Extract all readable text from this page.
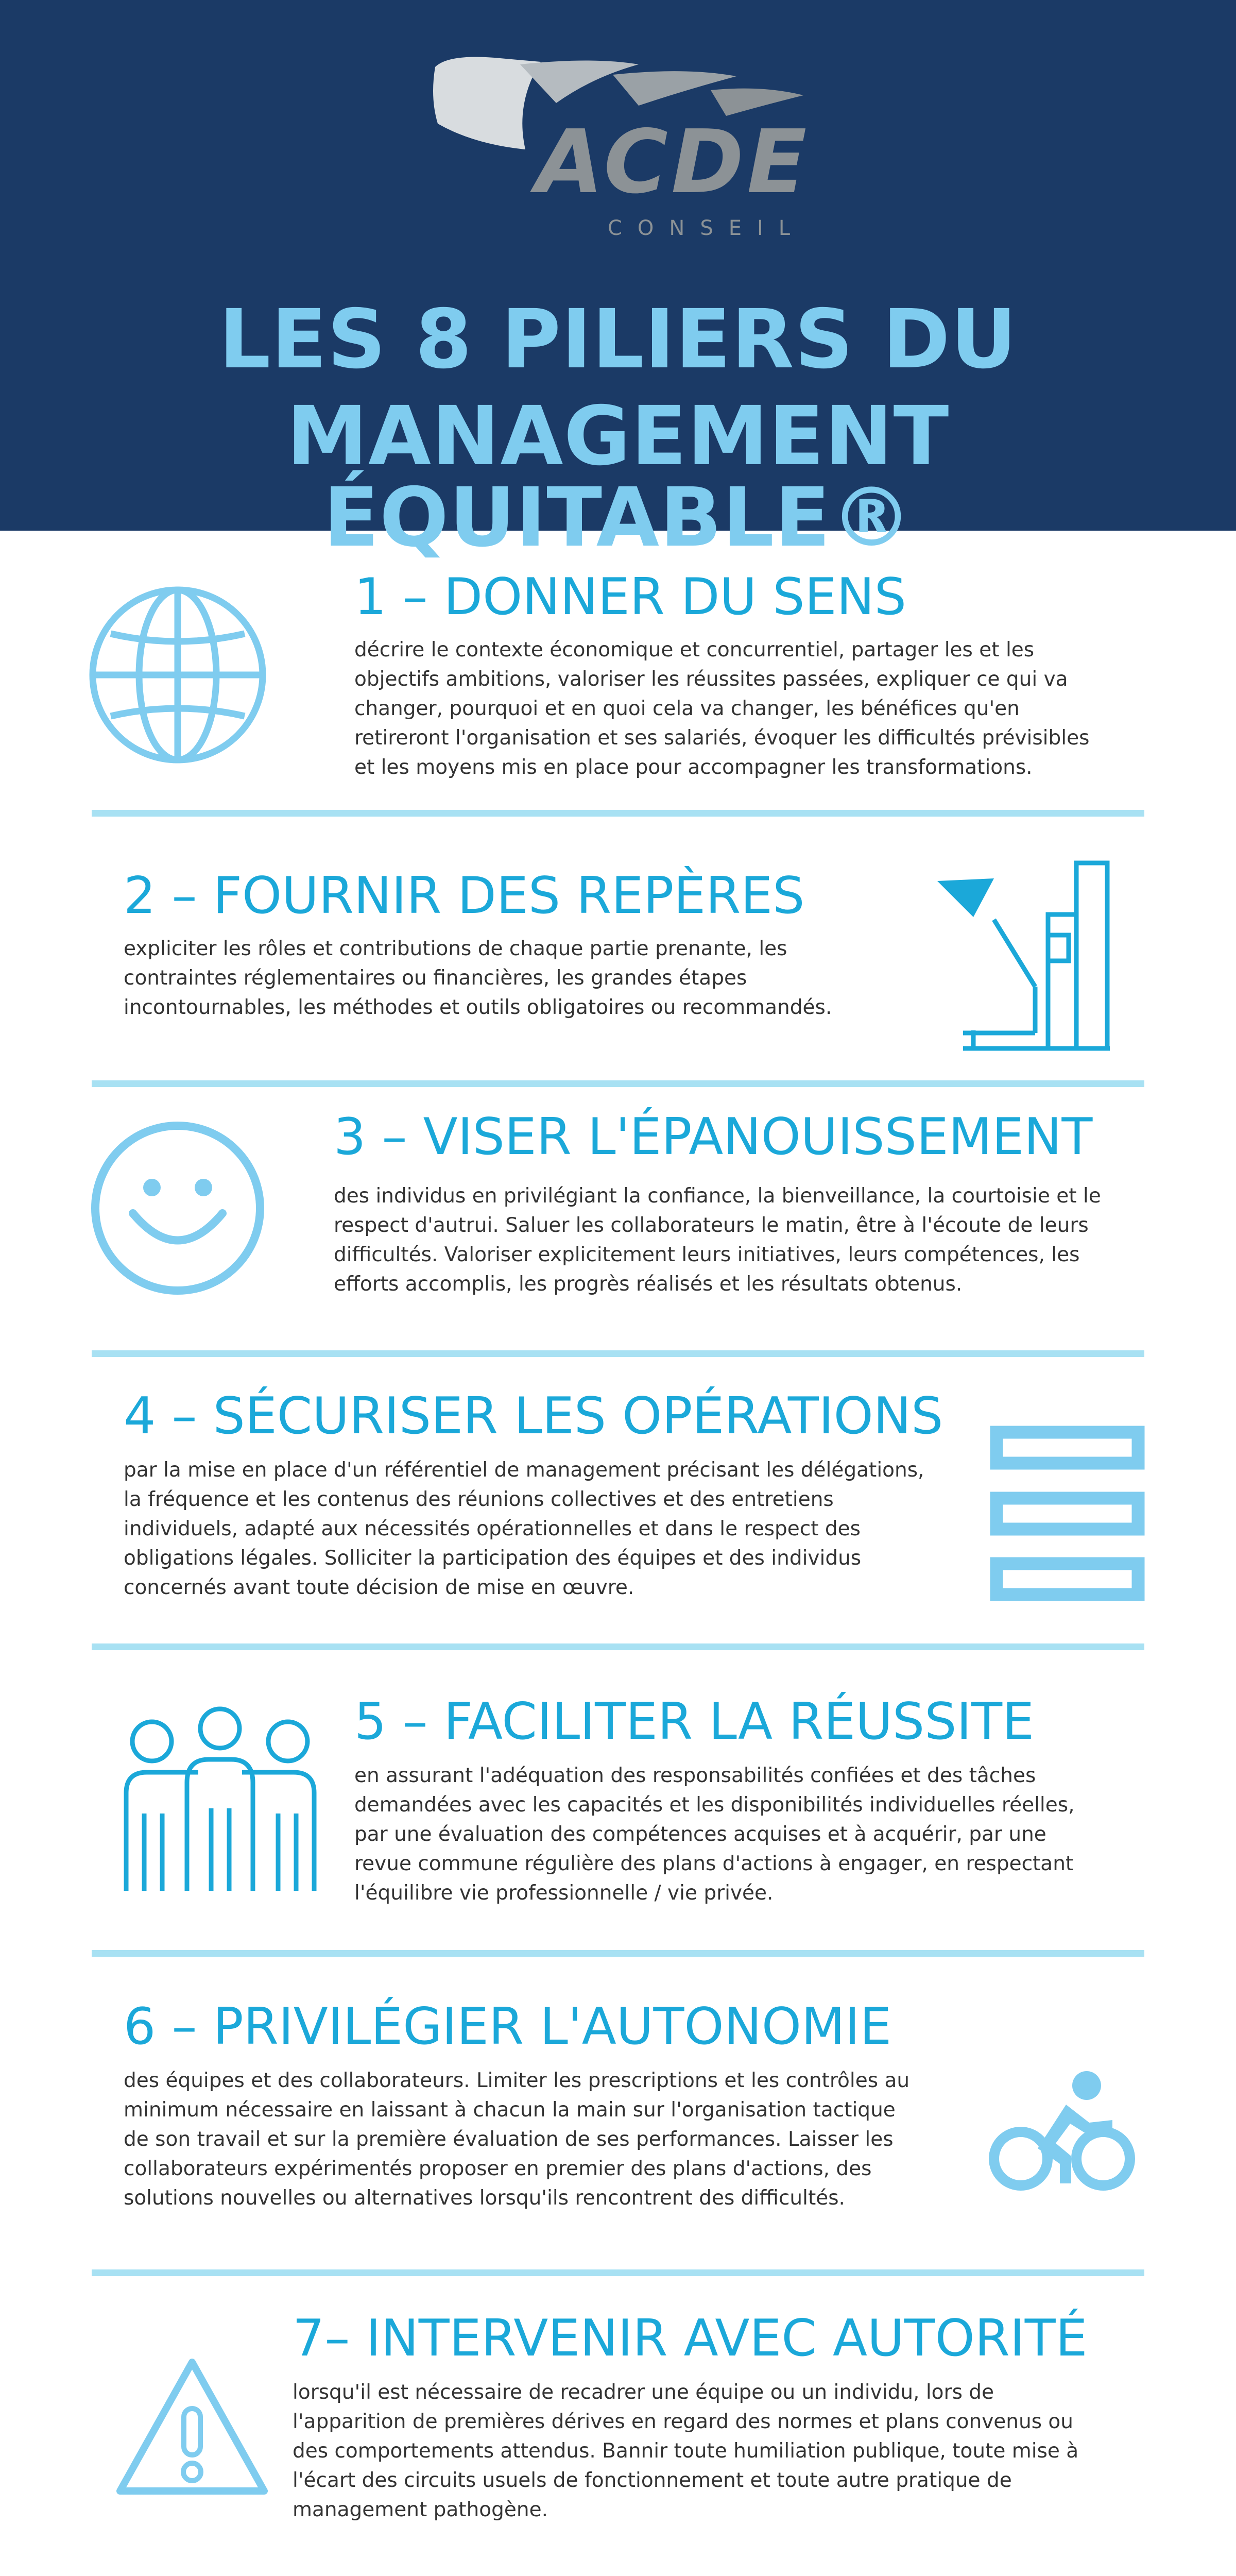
ACDE
CONSEIL
LES 8 PILIERS DU
MANAGEMENT ÉQUITABLE®
1 – DONNER DU SENS
décrire le contexte économique et concurrentiel, partager les et les
objectifs ambitions, valoriser les réussites passées, expliquer ce qui va
changer, pourquoi et en quoi cela va changer, les bénéfices qu'en
retireront l'organisation et ses salariés, évoquer les difficultés prévisibles
et les moyens mis en place pour accompagner les transformations.
2 – FOURNIR DES REPÈRES
expliciter les rôles et contributions de chaque partie prenante, les
contraintes réglementaires ou financières, les grandes étapes
incontournables, les méthodes et outils obligatoires ou recommandés.
3 – VISER L'ÉPANOUISSEMENT
des individus en privilégiant la confiance, la bienveillance, la courtoisie et le
respect d'autrui. Saluer les collaborateurs le matin, être à l'écoute de leurs
difficultés. Valoriser explicitement leurs initiatives, leurs compétences, les
efforts accomplis, les progrès réalisés et les résultats obtenus.
4 – SÉCURISER LES OPÉRATIONS
par la mise en place d'un référentiel de management précisant les délégations,
la fréquence et les contenus des réunions collectives et des entretiens
individuels, adapté aux nécessités opérationnelles et dans le respect des
obligations légales. Solliciter la participation des équipes et des individus
concernés avant toute décision de mise en œuvre.
5 – FACILITER LA RÉUSSITE
en assurant l'adéquation des responsabilités confiées et des tâches
demandées avec les capacités et les disponibilités individuelles réelles,
par une évaluation des compétences acquises et à acquérir, par une
revue commune régulière des plans d'actions à engager, en respectant
l'équilibre vie professionnelle / vie privée.
6 – PRIVILÉGIER L'AUTONOMIE
des équipes et des collaborateurs. Limiter les prescriptions et les contrôles au
minimum nécessaire en laissant à chacun la main sur l'organisation tactique
de son travail et sur la première évaluation de ses performances. Laisser les
collaborateurs expérimentés proposer en premier des plans d'actions, des
solutions nouvelles ou alternatives lorsqu'ils rencontrent des difficultés.
7– INTERVENIR AVEC AUTORITÉ
lorsqu'il est nécessaire de recadrer une équipe ou un individu, lors de
l'apparition de premières dérives en regard des normes et plans convenus ou
des comportements attendus. Bannir toute humiliation publique, toute mise à
l'écart des circuits usuels de fonctionnement et toute autre pratique de
management pathogène.
